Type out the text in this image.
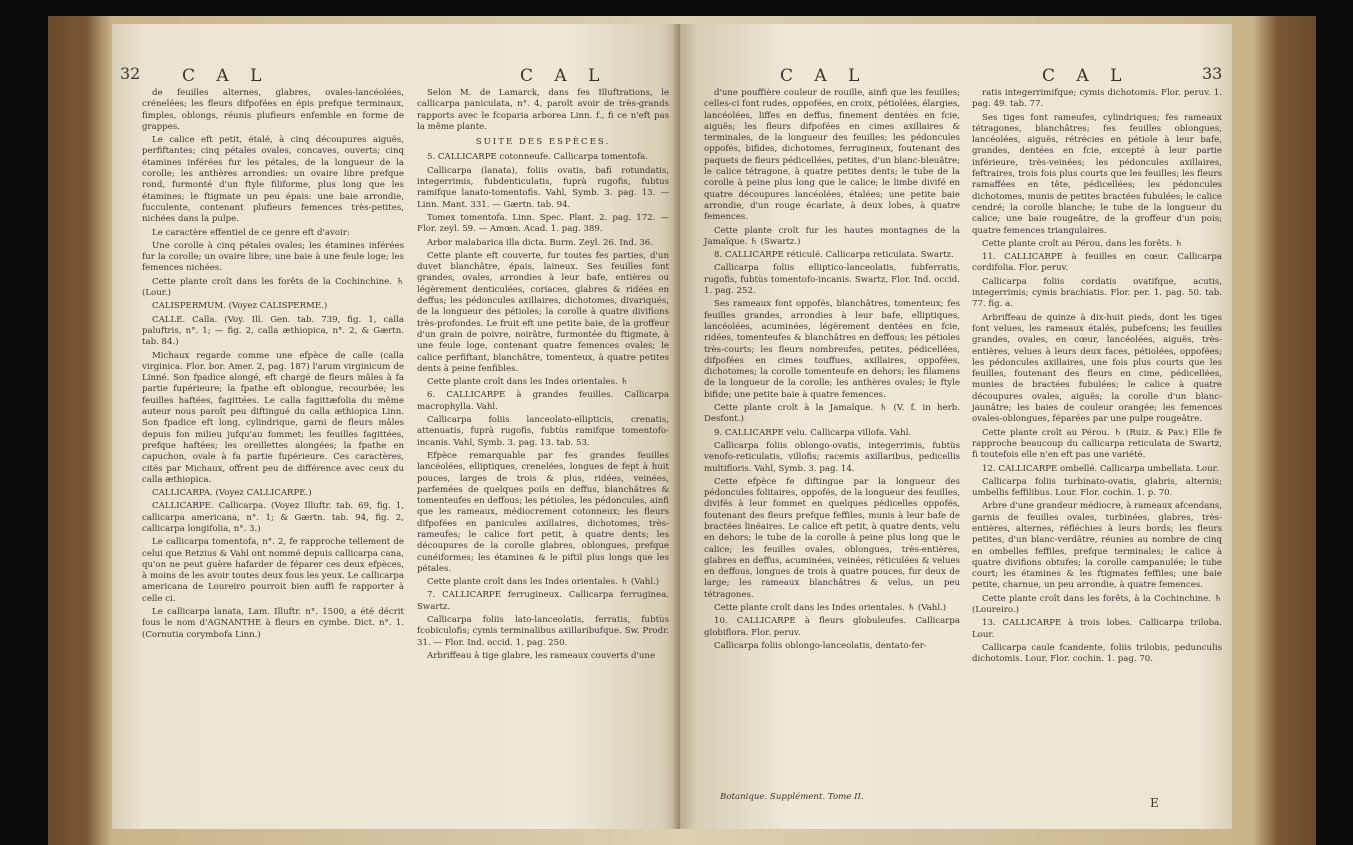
32 C A L	C A L

de feuilles alternes, glabres, ovales-lancéolées, crénelées; les fleurs difpofées en épis prefque terminaux, fimples, oblongs, réunis plufieurs enfemble en forme de grappes.

Le calice eft petit, étalé, à cinq découpures aiguës, perfiftantes; cinq pétales ovales, concaves, ouverts; cinq étamines inférées fur les pétales, de la longueur de la corolle; les anthères arrondies: un ovaire libre prefque rond, furmonté d'un ftyle filiforme, plus long que les étamines; le ftigmate un peu épais: une baie arrondie, fucculente, contenant plufieurs femences très-petites, nichées dans la pulpe.

Le caractère effentiel de ce genre eft d'avoir:

Une corolle à cinq pétales ovales; les étamines inférées fur la corolle; un ovaire libre; une baie à une feule loge; les femences nichées.

Cette plante croît dans les forêts de la Cochinchine. ♄ (Lour.)

CALISPERMUM. (Voyez CALISPERME.)

CALLE. Calla. (Voy. Ill. Gen. tab. 739, fig. 1, calla paluftris, n°. 1; — fig. 2, calla æthiopica, n°. 2, & Gærtn. tab. 84.)

Michaux regarde comme une efpèce de calle (calla virginica. Flor. bor. Amer. 2, pag. 187) l'arum virginicum de Linné. Son fpadice alongé, eft chargé de fleurs mâles à fa partie fupérieure; la fpathe eft oblongue, recourbée; les feuilles haftées, fagittées. Le calla fagittæfolia du même auteur nous paroît peu diftingué du calla æthiopica Linn. Son fpadice eft long, cylindrique, garni de fleurs mâles depuis fon milieu jufqu'au fommet; les feuilles fagittées, prefque haftées; les oreillettes alongées; la fpathe en capuchon, ovale à fa partie fupérieure. Ces caractères, cités par Michaux, offrent peu de différence avec ceux du calla æthiopica.

CALLICARPA. (Voyez CALLICARPE.)

CALLICARPE. Callicarpa. (Voyez Illuftr. tab. 69, fig. 1, callicarpa americana, n°. 1; & Gærtn. tab. 94, fig. 2, callicarpa longifolia, n°. 3.)

Le callicarpa tomentofa, n°. 2, fe rapproche tellement de celui que Retzius & Vahl ont nommé depuis callicarpa cana, qu'on ne peut guère hafarder de féparer ces deux efpèces, à moins de les avoir toutes deux fous les yeux. Le callicarpa americana de Loureiro pourroit bien auffi fe rapporter à celle ci.

Le callicarpa lanata, Lam. Illuftr. n°. 1500, a été décrit fous le nom d'AGNANTHE à fleurs en cymbe. Dict. n°. 1. (Cornutia corymbofa Linn.)

Selon M. de Lamarck, dans fes Illuftrations, le callicarpa paniculata, n°. 4, paroît avoir de très-grands rapports avec le fcoparia arborea Linn. f., fi ce n'eft pas la même plante.

SUITE DES ESPÈCES.

5. CALLICARPE cotonneufe. Callicarpa tomentofa.

Callicarpa (lanata), foliis ovatis, bafi rotundatis, integerrimis, fubdenticulatis, fuprà rugofis, fubtus ramifque lanato-tomentofis. Vahl, Symb. 3. pag. 13. — Linn. Mant. 331. — Gærtn. tab. 94.

Tomex tomentofa. Linn. Spec. Plant. 2. pag. 172. — Flor. zeyl. 59. — Amœn. Acad. 1. pag. 389.

Arbor malabarica illa dicta. Burm. Zeyl. 26. Ind. 36.

Cette plante eft couverte, fur toutes fes parties, d'un duvet blanchâtre, épais, laineux. Ses feuilles font grandes, ovales, arrondies à leur bafe, entières ou légèrement denticulées, coriaces, glabres & ridées en deffus; les pédoncules axillaires, dichotomes, divariqués, de la longueur des pétioles; la corolle à quatre divifions très-profondes. Le fruit eft une petite baie, de la groffeur d'un grain de poivre, noirâtre, furmontée du ftigmate, à une feule loge, contenant quatre femences ovales; le calice perfiftant, blanchâtre, tomenteux, à quatre petites dents à peine fenfibles.

Cette plante croît dans les Indes orientales. ♄

6. CALLICARPE à grandes feuilles. Callicarpa macrophylla. Vahl.

Callicarpa foliis lanceolato-ellipticis, crenatis, attenuatis, fuprà rugofis, fubtùs ramifque tomentofo-incanis. Vahl, Symb. 3. pag. 13. tab. 53.

Efpèce remarquable par fes grandes feuilles lancéolées, elliptiques, crenelées, longues de fept à huit pouces, larges de trois & plus, ridées, veinées, parfemées de quelques poils en deffus, blanchâtres & tomenteufes en deffous; les pétioles, les pédoncules, ainfi que les rameaux, médiocrement cotonneux; les fleurs difpofées en panicules axillaires, dichotomes, très-rameufes; le calice fort petit, à quatre dents; les découpures de la corolle glabres, oblongues, prefque cunéiformes; les étamines & le piftil plus longs que les pétales.

Cette plante croît dans les Indes orientales. ♄ (Vahl.)

7. CALLICARPE ferrugineux. Callicarpa ferruginea. Swartz.

Callicarpa foliis lato-lanceolatis, ferratis, fubtùs fcobiculofis; cymis terminalibus axillaribufque. Sw. Prodr. 31. — Flor. Ind. occid. 1. pag. 250.

Arbriffeau à tige glabre, les rameaux couverts d'une

C A L	C A L	33

d'une pouffière couleur de rouille, ainfi que les feuilles; celles-ci font rudes, oppofées, en croix, pétiolées, élargies, lancéolées, liffes en deffus, finement dentées en fcie, aiguës; les fleurs difpofées en cimes axillaires & terminales, de la longueur des feuilles; les pédoncules oppofés, bifides, dichotomes, ferrugineux, foutenant des paquets de fleurs pédicellées, petites, d'un blanc-bleuâtre; le calice tétragone, à quatre petites dents; le tube de la corolle à peine plus long que le calice; le limbe divifé en quatre découpures lancéolées, étalées; une petite baie arrondie, d'un rouge écarlate, à deux lobes, à quatre femences.

Cette plante croît fur les hautes montagnes de la Jamaïque. ♄ (Swartz.)

8. CALLICARPE réticulé. Callicarpa reticulata. Swartz.

Callicarpa foliis elliptico-lanceolatis, fubferratis, rugofis, fubtùs tomentofo-incanis. Swartz, Flor. Ind. occid. 1. pag. 252.

Ses rameaux font oppofés, blanchâtres, tomenteux; fes feuilles grandes, arrondies à leur bafe, elliptiques, lancéolées, acuminées, légèrement dentées en fcie, ridées, tomenteufes & blanchâtres en deffous; les pétioles très-courts; les fleurs nombreufes, petites, pédicellées, difpofées en cimes touffues, axillaires, oppofées, dichotomes; la corolle tomenteufe en dehors; les filamens de la longueur de la corolle; les anthères ovales; le ftyle bifide; une petite baie à quatre femences.

Cette plante croît à la Jamaïque. ♄ (V. f. in herb. Desfont.)

9. CALLICARPE velu. Callicarpa villofa. Vahl.

Callicarpa foliis oblongo-ovatis, integerrimis, fubtùs venofo-reticulatis, villofis; racemis axillaribus, pedicellis multifloris. Vahl, Symb. 3. pag. 14.

Cette efpèce fe diftingue par la longueur des pédoncules folitaires, oppofés, de la longueur des feuilles, divifés à leur fommet en quelques pédicelles oppofés, foutenant des fleurs prefque feffiles, munis à leur bafe de bractées linéaires. Le calice eft petit, à quatre dents, velu en dehors; le tube de la corolle à peine plus long que le calice; les feuilles ovales, oblongues, très-entières, glabres en deffus, acuminées, veinées, réticulées & velues en deffous, longues de trois à quatre pouces, fur deux de large; les rameaux blanchâtres & velus, un peu tétragones.

Cette plante croît dans les Indes orientales. ♄ (Vahl.)

10. CALLICARPE à fleurs globuleufes. Callicarpa globiflora. Flor. peruv.

Callicarpa foliis oblongo-lanceolatis, dentato-fer-

ratis integerrimifque; cymis dichotomis. Flor. peruv. 1. pag. 49. tab. 77.

Ses tiges font rameufes, cylindriques; fes rameaux tétragones, blanchâtres; fes feuilles oblongues, lancéolées, aiguës, rétrécies en pétiole à leur bafe, grandes, dentées en fcie, excepté à leur partie inférieure, très-veinées; les pédoncules axillaires, feftraires, trois fois plus courts que les feuilles; les fleurs ramaffées en tête, pédicellées; les pédoncules dichotomes, munis de petites bractées fubulées; le calice cendré; la corolle blanche; le tube de la longueur du calice; une baie rougeâtre, de la groffeur d'un pois; quatre femences triangulaires.

Cette plante croît au Pérou, dans les forêts. ♄

11. CALLICARPE à feuilles en cœur. Callicarpa cordifolia. Flor. peruv.

Callicarpa foliis cordatis ovatifque, acutis, integerrimis; cymis brachiatis. Flor. per. 1. pag. 50. tab. 77. fig. a.

Arbriffeau de quinze à dix-huit pieds, dont les tiges font velues, les rameaux étalés, pubefcens; les feuilles grandes, ovales, en cœur, lancéolées, aiguës, très-entières, velues à leurs deux faces, pétiolées, oppofées; les pédoncules axillaires, une fois plus courts que les feuilles, foutenant des fleurs en cime, pédicellées, munies de bractées fubulées; le calice à quatre découpures ovales, aiguës; la corolle d'un blanc-jaunâtre; les baies de couleur orangée; les femences ovales-oblongues, féparées par une pulpe rougeâtre.

Cette plante croît au Pérou. ♄ (Ruiz. & Pav.) Elle fe rapproche beaucoup du callicarpa reticulata de Swartz, fi toutefois elle n'en eft pas une variété.

12. CALLICARPE ombellé. Callicarpa umbellata. Lour.

Callicarpa foliis turbinato-ovatis, glabris, alternis; umbellis feffilibus. Lour. Flor. cochin. 1. p. 70.

Arbre d'une grandeur médiocre, à rameaux afcendans, garnis de feuilles ovales, turbinées, glabres, très-entières, alternes, réfléchies à leurs bords; les fleurs petites, d'un blanc-verdâtre, réunies au nombre de cinq en ombelles feffiles, prefque terminales; le calice à quatre divifions obtufes; la corolle campanulée; le tube court; les étamines & les ftigmates feffiles; une baie petite, charnue, un peu arrondie, à quatre femences.

Cette plante croît dans les forêts, à la Cochinchine. ♄ (Loureiro.)

13. CALLICARPE à trois lobes. Callicarpa triloba. Lour.

Callicarpa caule fcandente, foliis trilobis, pedunculis dichotomis. Lour. Flor. cochin. 1. pag. 70.

Botanique. Supplément. Tome II.	E
